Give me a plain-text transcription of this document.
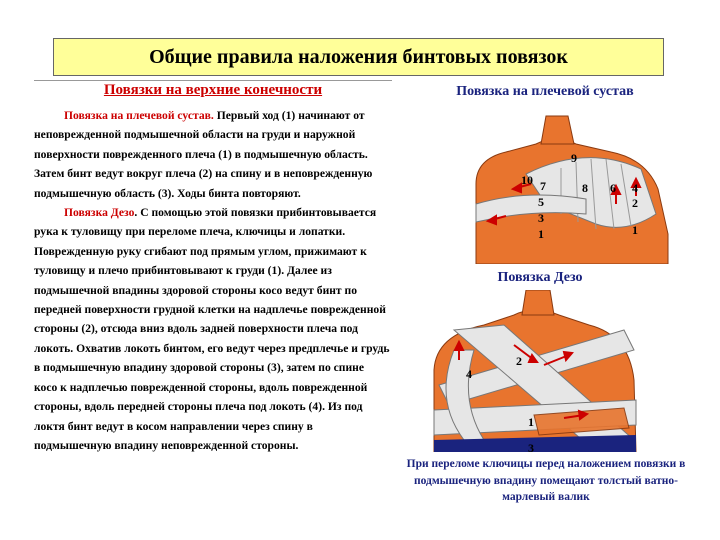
Общие правила наложения бинтовых повязок
Повязки на верхние конечности

Повязка на плечевой сустав. Первый ход (1) начинают от неповрежденной подмышечной области на груди и наружной поверхности поврежденного плеча (1) в подмышечную область. Затем бинт ведут вокруг плеча (2) на спину и в неповрежденную подмышечную область (3). Ходы бинта повторяют.

Повязка Дезо. С помощью этой повязки прибинтовывается рука к туловищу при переломе плеча, ключицы и лопатки. Поврежденную руку сгибают под прямым углом, прижимают к туловищу и плечо прибинтовывают к груди (1). Далее из подмышечной впадины здоровой стороны косо ведут бинт по передней поверхности грудной клетки на надплечье поврежденной стороны (2), отсюда вниз вдоль задней поверхности плеча под локоть. Охватив локоть бинтом, его ведут через предплечье и грудь в подмышечную впадину здоровой стороны (3), затем по спине косо к надплечью поврежденной стороны, вдоль поврежденной стороны, вдоль передней стороны плеча под локоть (4). Из под локтя бинт ведут в косом направлении через спину в подмышечную впадину неповрежденной стороны.

Повязка на плечевой сустав
9
10 7	8 6 4
5	2
3
1	1
Повязка Дезо
2
4
1
3
При переломе ключицы перед наложением повязки в подмышечную впадину помещают толстый ватно-марлевый валик
